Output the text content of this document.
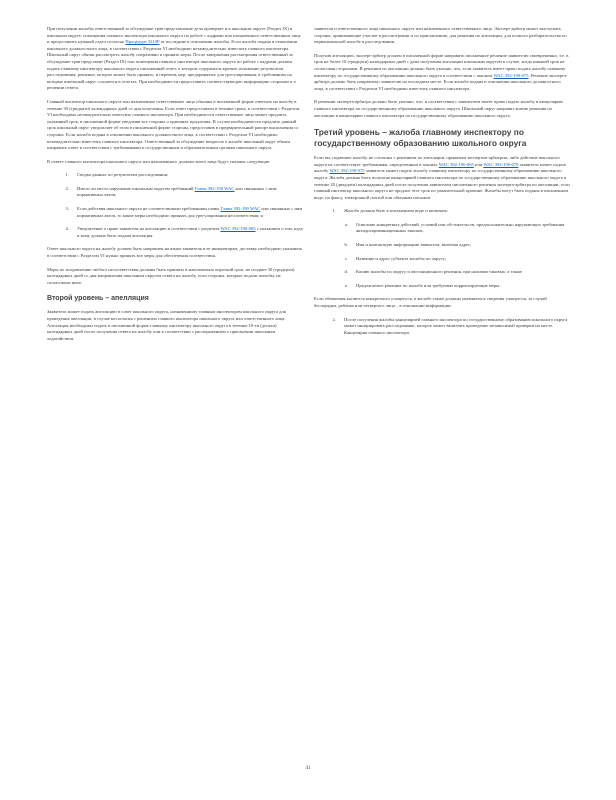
При получении жалобы ответственный за обсуждение трав представление дела проверяет и в школьном округе (Раздел IX) и школьном округе, помещения главного инспектора школьного округа по работе с кадрами или назначенного ответственным лица и предоставить нужный отдел согласно Процедуре 3210P за последние в отношении жалобы. Если жалоба подана в отношении школьного должностного лица, в соответствии с Разделом VI необходимо незамедлительно известить главного инспектора. Школьный округ обязан рассмотреть жалобу оперативно и принять меры. После завершения рассмотрения ответственный за обсуждение трав представит (Раздел IX) или помещения главного инспектора школьного округа по работе с кадрами должен подать главному инспектору школьного округа письменный отчет, в котором содержится краткое изложение результатов расследования, решение, которое может быть принято, и перечень мер, предпринятых для урегулирования, в требованиях на которые школьный округ ссылается в отчетах. При необходимости предоставить соответствующую информацию сторонам и о решении ответа.

Главный инспектор школьного округа или назначенное ответственное лицо обязаны в письменной форме ответить на жалобу в течение 30 (тридцати) календарных дней со дня получения. Если ответ предоставлен в течение срока, в соответствии с Разделом VI необходимо незамедлительно известить главного инспектора. При необходимости ответственное лицо может продлить указанный срок, в письменной форме уведомив все стороны о причинах продления. В случае необходимости продлить данный срок школьный округ уведомляет об этом в письменной форме стороны, предоставив в предварительный рапорт выполнения со стороны. Если жалоба подана в отношении школьного должностного лица, в соответствии с Разделом VI необходимо незамедлительно известить главного инспектора. Ответственный за обсуждение вопросов о жалобе школьный округ обязан направить ответ в соответствии с требованиями к государственным и образовательным органам школьного округа.

В ответе главного инспектора школьного округа или назначенного должностного лица будут указаны следующие:

1.	Сводка данных по результатам расследования;
2.	Имело ли место нарушение школьным округом требований Главы 392-190 WAC или связанных с ним нормативных актов;
3.	Если действия школьного округа не соответствовали требованиям главы Главы 392-190 WAC или связанных с ним нормативных актов, то какие меры необходимо принять для урегулирования несоответствия; и
4.	Уведомление о праве заявителя на апелляцию в соответствии с разделом WAC 392-190-065 с указанием о том, куда и кому должна быть подана апелляция.

Ответ школьного округа на жалобу должен быть направлен на языке заявителя и ее инициаторам, доставку необходимо указывать в соответствии с Разделом VI нужно принять все меры для обеспечения соответствия.

Меры по исправлению любого несоответствия должны быть приняты в максимально короткий срок, не позднее 30 (тридцати) календарных дней со дня направления школьным округом ответа на жалобу, если стороны, которые подали жалобы, не согласовали иное.

Второй уровень – апелляция

Заявитель может подать апелляцию в совет школьного округа, назначенному главным инспектором школьного округа для проведения апелляции, в случае несогласия с решением главного инспектора школьного округа или ответственного лица. Апелляция необходимо подать в письменной форме главному инспектору школьного округа в течение 10-ти (десяти) календарных дней после получения ответа на жалобу или в соответствии с распоряжением о присвоении школьным ходатайством.

заявителя и ответственного лица школьного округа или назначенного ответственного лица. Эксперт-арбитр может выслушать стороны, принимающие участие в рассмотрении и по приглашению, для решения по апелляции, для полного разбирательства по первоначальной жалобе в расследовании.

Получив апелляцию, эксперт-арбитр должен в письменной форме направить письменное решение заявителю своевременно, т.е. в срок не более 10 (тридцати) календарных дней с даты получения апелляции школьным округом в случае, когда никакой срок не согласован сторонами. В решении по апелляции должно быть указано, что, если заявитель имеет право подать жалобу главному инспектору по государственному образованию школьного округа в соответствии с законом WAC 392-190-075. Решение эксперта-арбитра должно быть направлено заявителю на последнем месте. Если жалоба подана в отношении школьного должностного лица, в соответствии с Разделом VI необходимо известить главного инспектора.

В решении эксперта-арбитра должно быть указано, что, в соответствии с заявителем имеет право подать жалобу в канцелярию главного инспектора по государственному образованию школьного округа. Школьный округ направит копию решения по апелляции в канцелярию главного инспектора по государственному образованию школьного округа.

Третий уровень – жалоба главному инспектору по государственному образованию школьного округа

Если вы, подавшие жалобу, не согласны с решением по апелляции, принятым экспертом-арбитром, либо действие школьного округа не соответствует требованиям, определенным в законах WAC 392-190-065 или WAC 392-190-070 заявитель может подать жалобу WAC 392-190-075 заявитель может подать жалобу главному инспектору по государственному образованию школьного округа. Жалоба должна быть получена канцелярией главного инспектора по государственному образованию школьного округа в течение 20 (двадцати) календарных дней после получения заявителем письменного решения эксперта-арбитра по апелляции, если главный инспектор школьного округа не продлит этот срок по уважительной причине. Жалобы могут быть поданы в письменном виде, по факсу, электронной почтой или обычным письмом.

1.	Жалоба должна быть в письменном виде и включать:
а.	Описание конкретных действий, условий или обстоятельств, предположительно нарушающих требования антидискриминационных законов;
b.	Имя и контактную информацию заявителя, включая адрес;
с.	Название и адрес субъекта жалобы по округу;
d.	Копию жалобы по округу и апелляционного решения, при наличии таковых; а также
е.	Предлагаемое решение по жалобе или требуемые корректирующие меры.

Если обвинения касаются конкретного учащегося, в жалобе также должны указываться сведения учащегося, за случай беспорядка, ребенка или четвертого лица – в отношении информации:

2.	После получения жалобы канцелярией главного инспектора по государственному образованию школьного округа может инициировать расследование, которое может включать проведение независимой проверки на месте. Канцелярия главного инспектора.
41
